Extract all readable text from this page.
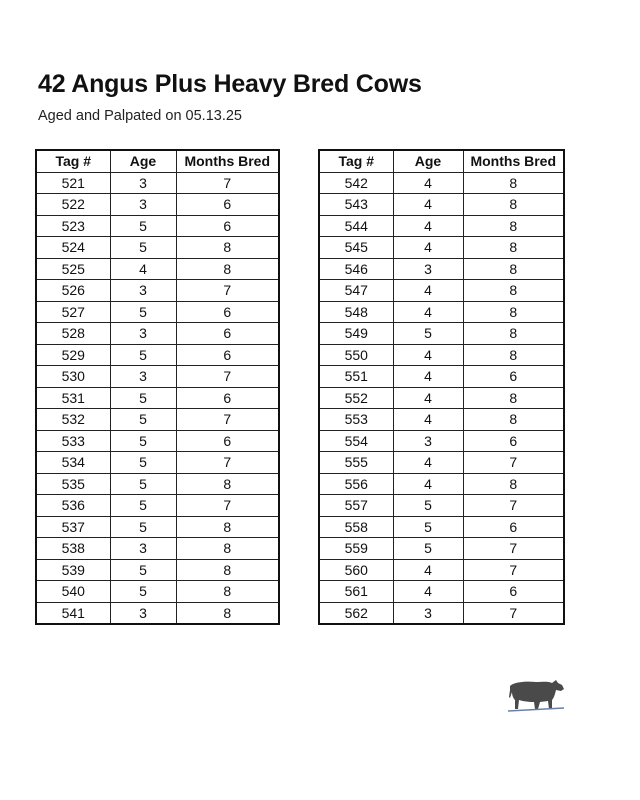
42 Angus Plus Heavy Bred Cows

Aged and Palpated on 05.13.25

Tag #	Age	Months Bred
521	3	7
522	3	6
523	5	6
524	5	8
525	4	8
526	3	7
527	5	6
528	3	6
529	5	6
530	3	7
531	5	6
532	5	7
533	5	6
534	5	7
535	5	8
536	5	7
537	5	8
538	3	8
539	5	8
540	5	8
541	3	8
Tag #	Age	Months Bred
542	4	8
543	4	8
544	4	8
545	4	8
546	3	8
547	4	8
548	4	8
549	5	8
550	4	8
551	4	6
552	4	8
553	4	8
554	3	6
555	4	7
556	4	8
557	5	7
558	5	6
559	5	7
560	4	7
561	4	6
562	3	7
